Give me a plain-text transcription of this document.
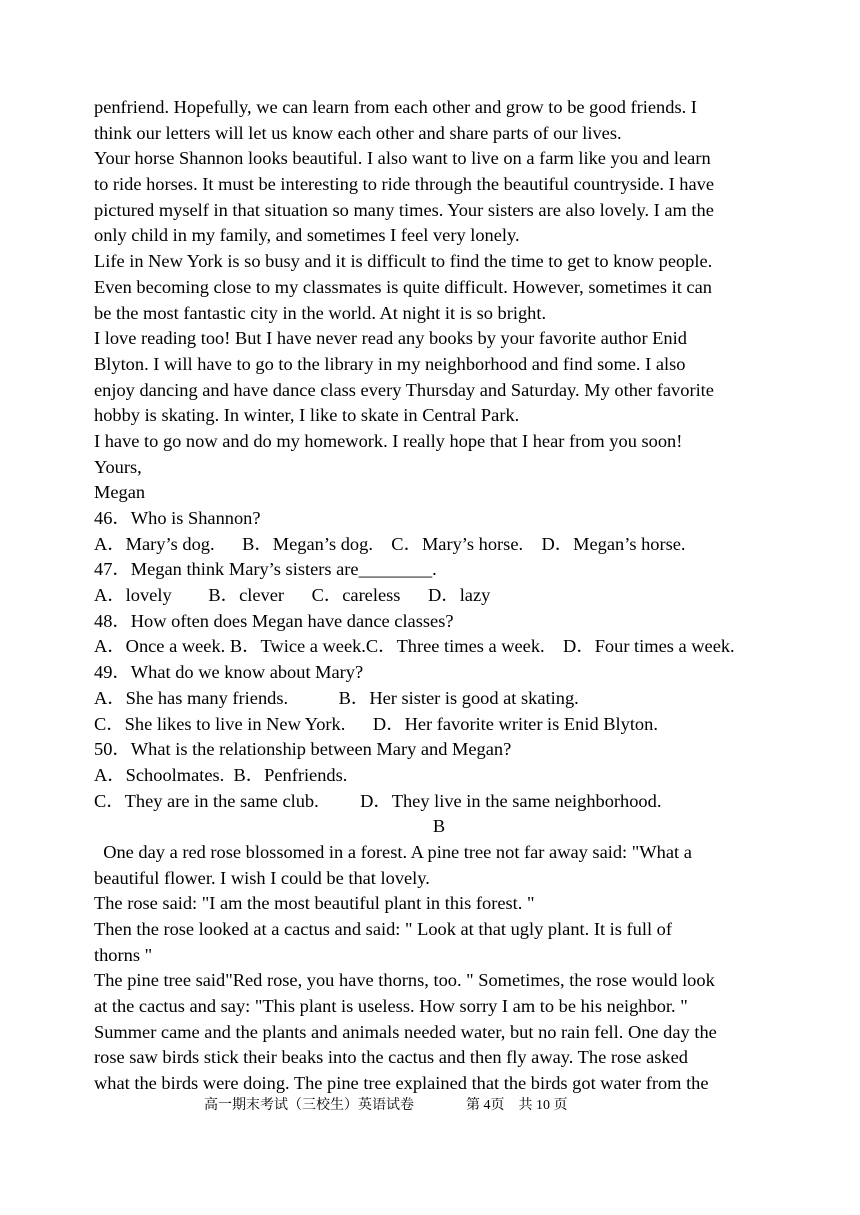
penfriend. Hopefully, we can learn from each other and grow to be good friends. I
think our letters will let us know each other and share parts of our lives.
Your horse Shannon looks beautiful. I also want to live on a farm like you and learn
to ride horses. It must be interesting to ride through the beautiful countryside. I have
pictured myself in that situation so many times. Your sisters are also lovely. I am the
only child in my family, and sometimes I feel very lonely.
Life in New York is so busy and it is difficult to find the time to get to know people.
Even becoming close to my classmates is quite difficult. However, sometimes it can
be the most fantastic city in the world. At night it is so bright.
I love reading too! But I have never read any books by your favorite author Enid
Blyton. I will have to go to the library in my neighborhood and find some. I also
enjoy dancing and have dance class every Thursday and Saturday. My other favorite
hobby is skating. In winter, I like to skate in Central Park.
I have to go now and do my homework. I really hope that I hear from you soon!
Yours,
Megan
46．Who is Shannon?
A．Mary’s dog.      B．Megan’s dog.    C．Mary’s horse.    D．Megan’s horse.
47．Megan think Mary’s sisters are________.
A．lovely        B．clever      C．careless      D．lazy
48．How often does Megan have dance classes?
A．Once a week. B．Twice a week.C．Three times a week.    D．Four times a week.
49．What do we know about Mary?
A．She has many friends.           B．Her sister is good at skating.
C．She likes to live in New York.      D．Her favorite writer is Enid Blyton.
50．What is the relationship between Mary and Megan?
A．Schoolmates.  B．Penfriends.
C．They are in the same club.         D．They live in the same neighborhood.
B
One day a red rose blossomed in a forest. A pine tree not far away said: "What a
beautiful flower. I wish I could be that lovely.
The rose said: "I am the most beautiful plant in this forest. "
Then the rose looked at a cactus and said: " Look at that ugly plant. It is full of
thorns "
The pine tree said"Red rose, you have thorns, too. " Sometimes, the rose would look
at the cactus and say: "This plant is useless. How sorry I am to be his neighbor. "
Summer came and the plants and animals needed water, but no rain fell. One day the
rose saw birds stick their beaks into the cactus and then fly away. The rose asked
what the birds were doing. The pine tree explained that the birds got water from the
高一期末考试（三校生）英语试卷	第 4页　共 10 页
